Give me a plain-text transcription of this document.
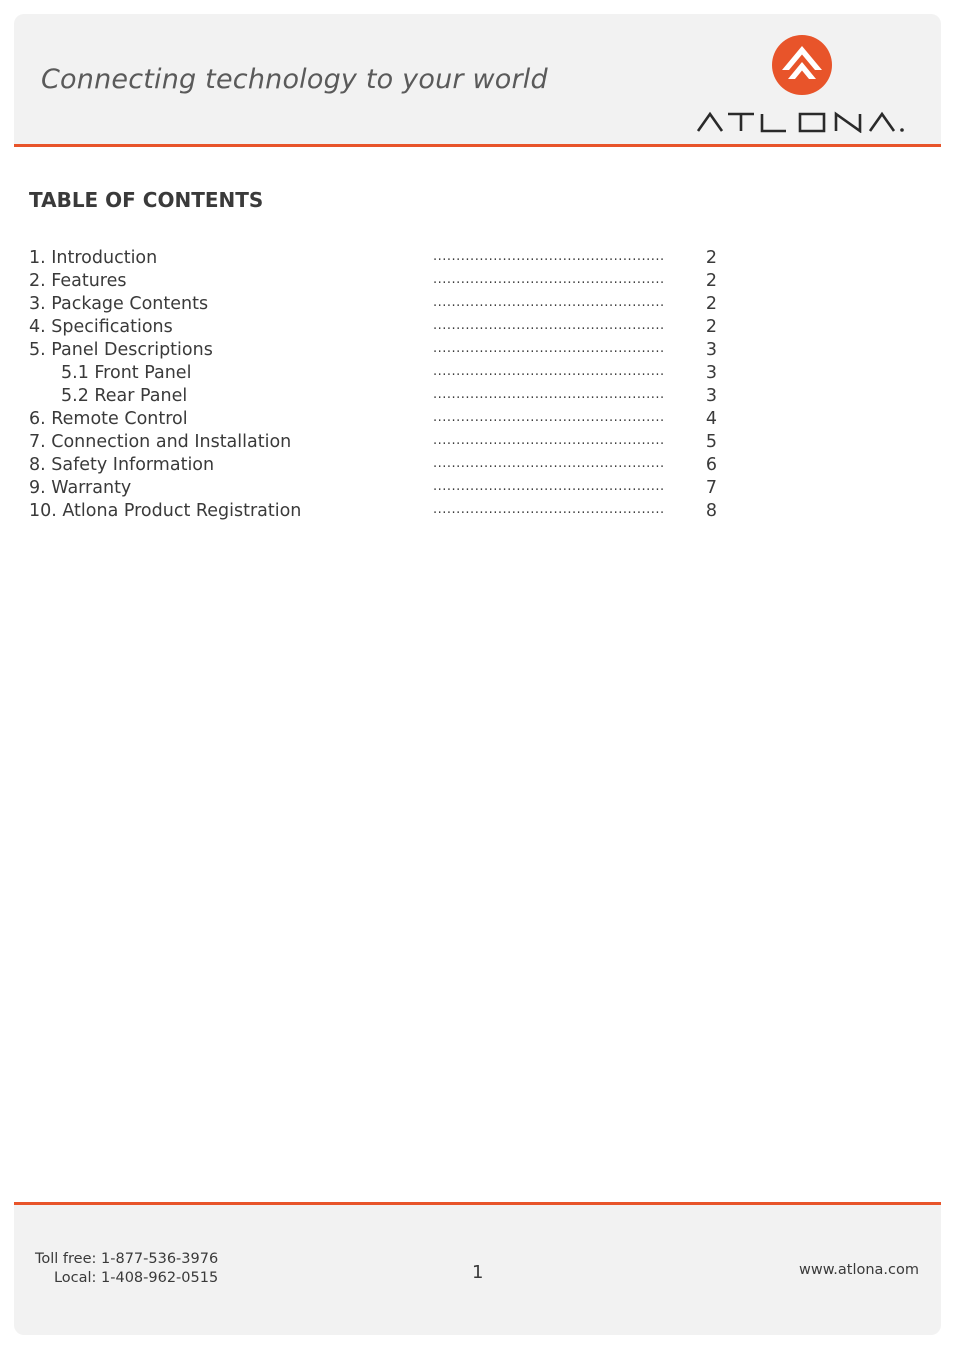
Connecting technology to your world
TABLE OF CONTENTS
1. Introduction	.................................................. 2
2. Features	.................................................. 2
3. Package Contents	.................................................. 2
4. Specifications	.................................................. 2
5. Panel Descriptions	.................................................. 3
5.1 Front Panel	.................................................. 3
5.2 Rear Panel	.................................................. 3
6. Remote Control	.................................................. 4
7. Connection and Installation	.................................................. 5
8. Safety Information	.................................................. 6
9. Warranty	.................................................. 7
10. Atlona Product Registration	.................................................. 8
Toll free: 1-877-536-3976
Local: 1-408-962-0515	1	www.atlona.com
